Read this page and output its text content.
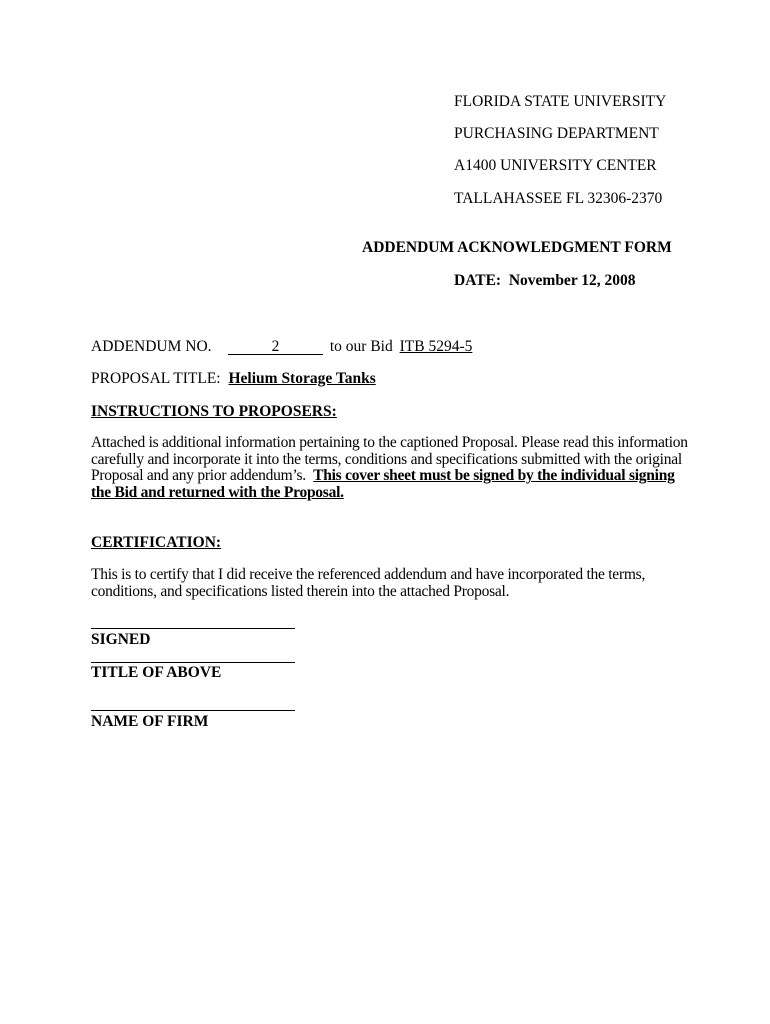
FLORIDA STATE UNIVERSITY
PURCHASING DEPARTMENT
A1400 UNIVERSITY CENTER
TALLAHASSEE FL 32306-2370
ADDENDUM ACKNOWLEDGMENT FORM
DATE: November 12, 2008
ADDENDUM NO.	2	to our Bid ITB 5294-5
PROPOSAL TITLE: Helium Storage Tanks
INSTRUCTIONS TO PROPOSERS:
Attached is additional information pertaining to the captioned Proposal. Please read this information carefully and incorporate it into the terms, conditions and specifications submitted with the original Proposal and any prior addendum’s. This cover sheet must be signed by the individual signing the Bid and returned with the Proposal.
CERTIFICATION:
This is to certify that I did receive the referenced addendum and have incorporated the terms, conditions, and specifications listed therein into the attached Proposal.
SIGNED
TITLE OF ABOVE
NAME OF FIRM
